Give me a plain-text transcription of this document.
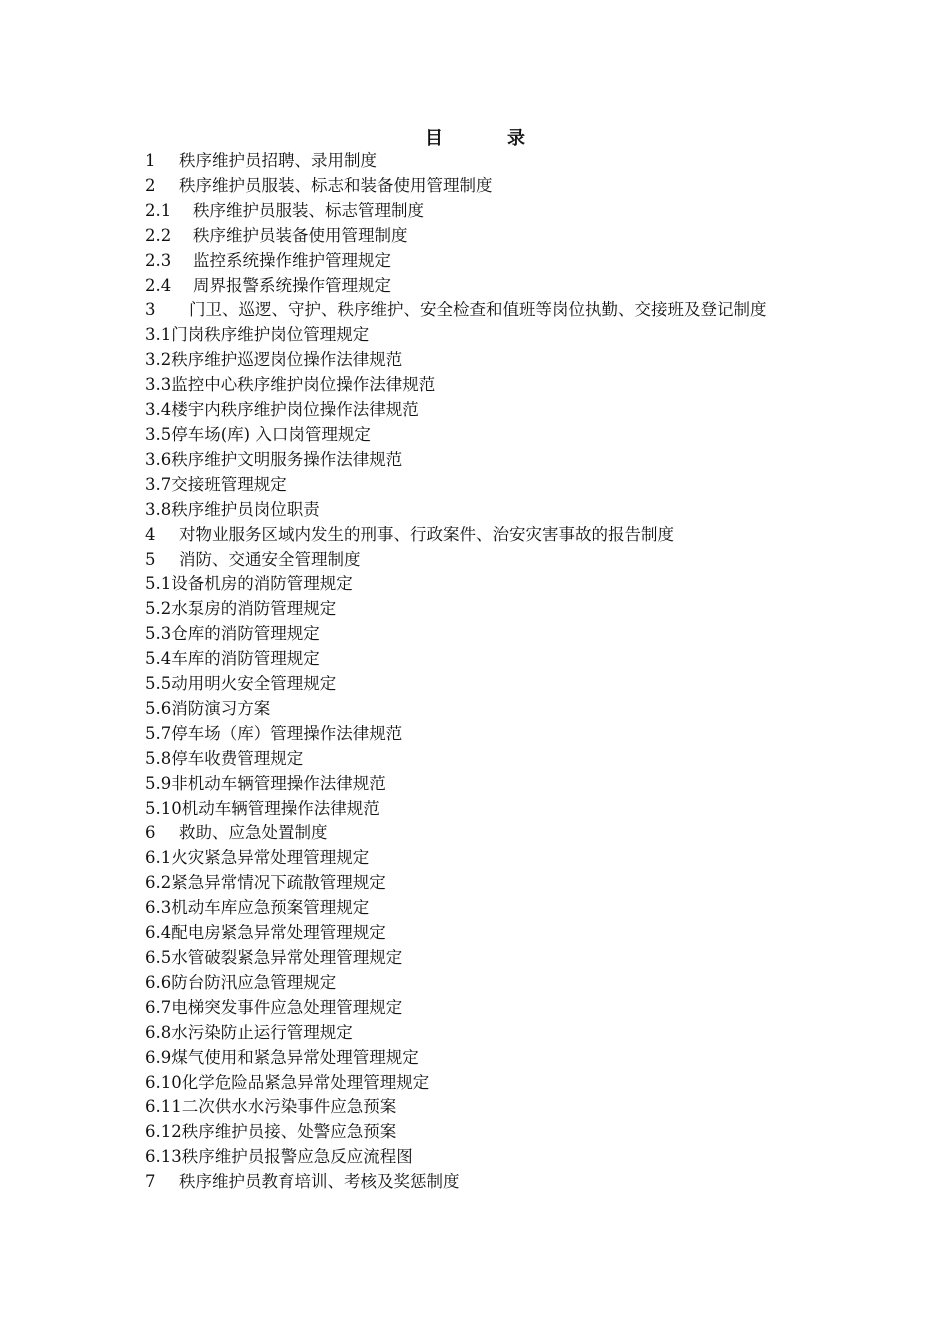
目	录
1	秩序维护员招聘、录用制度
2	秩序维护员服装、标志和装备使用管理制度
2.1	秩序维护员服装、标志管理制度
2.2	秩序维护员装备使用管理制度
2.3	监控系统操作维护管理规定
2.4	周界报警系统操作管理规定
3	门卫、巡逻、守护、秩序维护、安全检查和值班等岗位执勤、交接班及登记制度
3.1 门岗秩序维护岗位管理规定
3.2 秩序维护巡逻岗位操作法律规范
3.3 监控中心秩序维护岗位操作法律规范
3.4 楼宇内秩序维护岗位操作法律规范
3.5 停车场(库) 入口岗管理规定
3.6 秩序维护文明服务操作法律规范
3.7 交接班管理规定
3.8 秩序维护员岗位职责
4	对物业服务区域内发生的刑事、行政案件、治安灾害事故的报告制度
5	消防、交通安全管理制度
5.1 设备机房的消防管理规定
5.2 水泵房的消防管理规定
5.3 仓库的消防管理规定
5.4 车库的消防管理规定
5.5 动用明火安全管理规定
5.6 消防演习方案
5.7 停车场（库）管理操作法律规范
5.8 停车收费管理规定
5.9 非机动车辆管理操作法律规范
5.10 机动车辆管理操作法律规范
6	救助、应急处置制度
6.1 火灾紧急异常处理管理规定
6.2 紧急异常情况下疏散管理规定
6.3 机动车库应急预案管理规定
6.4 配电房紧急异常处理管理规定
6.5 水管破裂紧急异常处理管理规定
6.6 防台防汛应急管理规定
6.7 电梯突发事件应急处理管理规定
6.8 水污染防止运行管理规定
6.9 煤气使用和紧急异常处理管理规定
6.10 化学危险品紧急异常处理管理规定
6.11 二次供水水污染事件应急预案
6.12 秩序维护员接、处警应急预案
6.13 秩序维护员报警应急反应流程图
7	秩序维护员教育培训、考核及奖惩制度
